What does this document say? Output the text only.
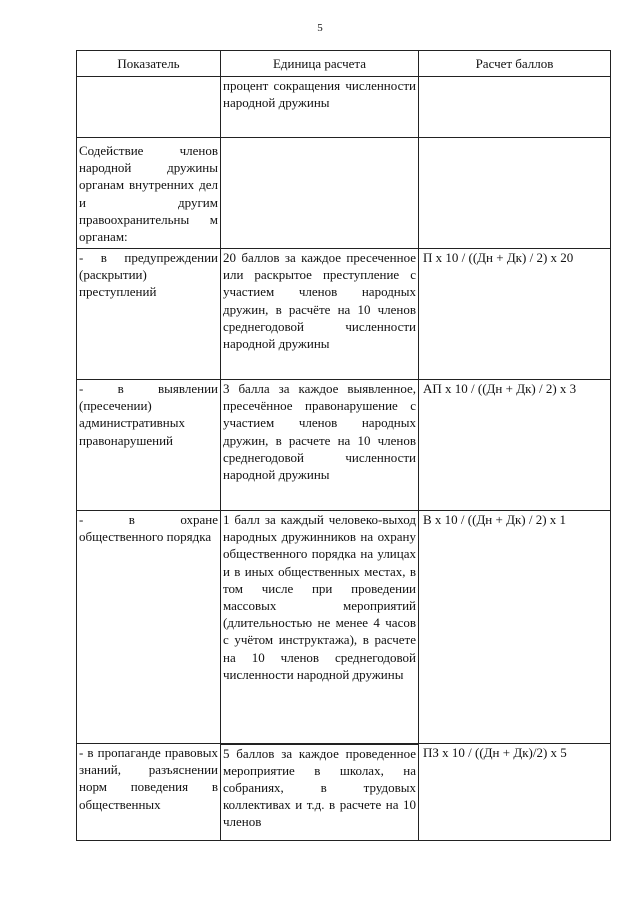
5
Показатель	Единица расчета	Расчет баллов
	процент сокращения численности народной дружины	
Содействие членов народной дружины органам внутренних дел и другим правоохранительны м органам:		
- в предупреждении (раскрытии) преступлений	20 баллов за каждое пресеченное или раскрытое преступление с участием членов народных дружин, в расчёте на 10 членов среднегодовой численности народной дружины	П х 10 / ((Дн + Дк) / 2) х 20
- в выявлении (пресечении) административных правонарушений	3 балла за каждое выявленное, пресечённое правонарушение с участием членов народных дружин, в расчете на 10 членов среднегодовой численности народной дружины	АП х 10 / ((Дн + Дк) / 2) х 3
- в охране общественного порядка	1 балл за каждый человеко-выход народных дружинников на охрану общественного порядка на улицах и в иных общественных местах, в том числе при проведении массовых мероприятий (длительностью не менее 4 часов с учётом инструктажа), в расчете на 10 членов среднегодовой численности народной дружины	В х 10 / ((Дн + Дк) / 2) х 1
- в пропаганде правовых знаний, разъяснении норм поведения в общественных	5 баллов за каждое проведенное мероприятие в школах, на собраниях, в трудовых коллективах и т.д. в расчете на 10 членов	ПЗ х 10 / ((Дн + Дк)/2) х 5
